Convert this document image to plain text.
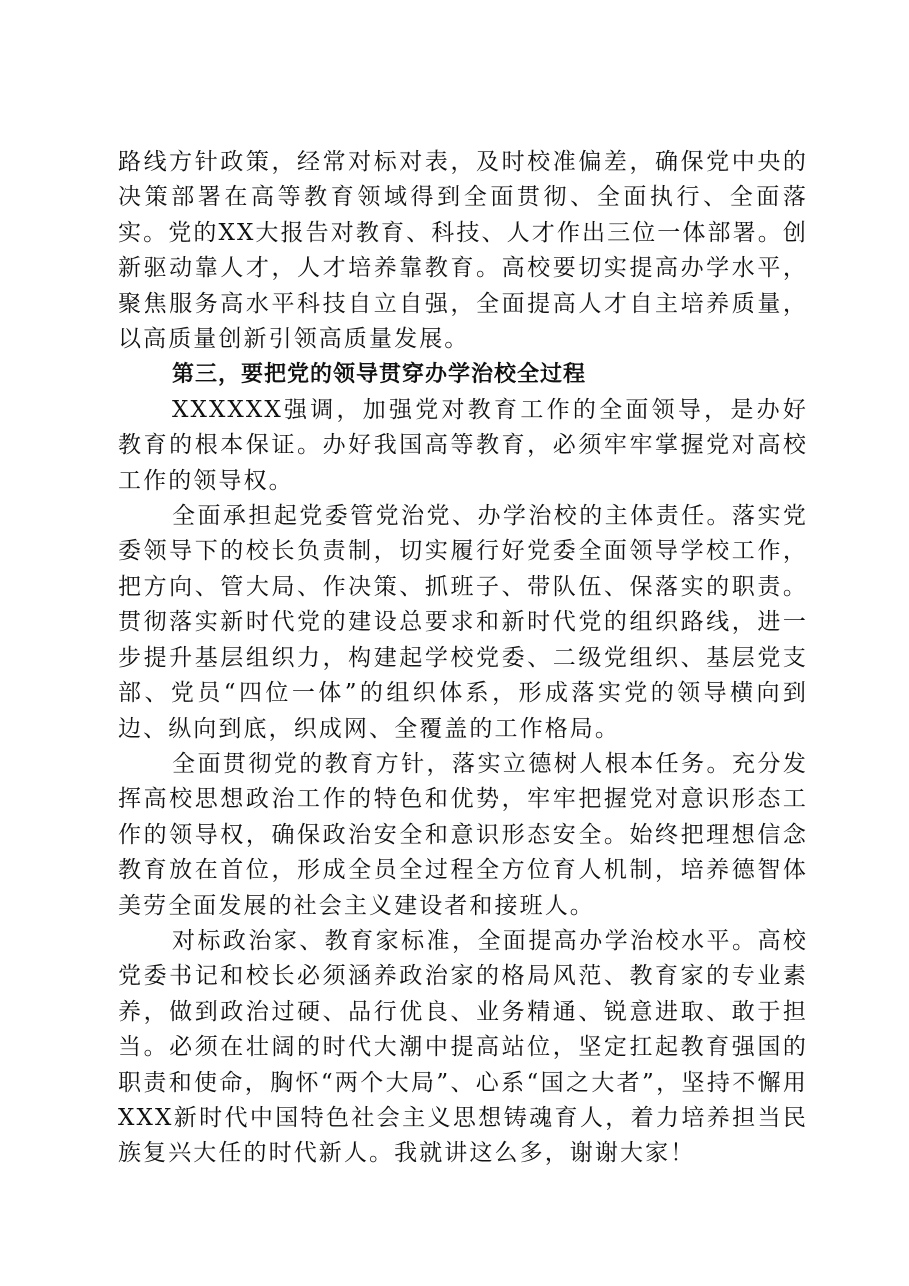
路线方针政策，经常对标对表，及时校准偏差，确保党中央的决策部署在高等教育领域得到全面贯彻、全面执行、全面落实。党的XX大报告对教育、科技、人才作出三位一体部署。创新驱动靠人才，人才培养靠教育。高校要切实提高办学水平，聚焦服务高水平科技自立自强，全面提高人才自主培养质量，以高质量创新引领高质量发展。

第三，要把党的领导贯穿办学治校全过程

XXXXXX强调，加强党对教育工作的全面领导，是办好教育的根本保证。办好我国高等教育，必须牢牢掌握党对高校工作的领导权。

全面承担起党委管党治党、办学治校的主体责任。落实党委领导下的校长负责制，切实履行好党委全面领导学校工作，把方向、管大局、作决策、抓班子、带队伍、保落实的职责。贯彻落实新时代党的建设总要求和新时代党的组织路线，进一步提升基层组织力，构建起学校党委、二级党组织、基层党支部、党员“四位一体”的组织体系，形成落实党的领导横向到边、纵向到底，织成网、全覆盖的工作格局。

全面贯彻党的教育方针，落实立德树人根本任务。充分发挥高校思想政治工作的特色和优势，牢牢把握党对意识形态工作的领导权，确保政治安全和意识形态安全。始终把理想信念教育放在首位，形成全员全过程全方位育人机制，培养德智体美劳全面发展的社会主义建设者和接班人。

对标政治家、教育家标准，全面提高办学治校水平。高校党委书记和校长必须涵养政治家的格局风范、教育家的专业素养，做到政治过硬、品行优良、业务精通、锐意进取、敢于担当。必须在壮阔的时代大潮中提高站位，坚定扛起教育强国的职责和使命，胸怀“两个大局”、心系“国之大者”，坚持不懈用XXX新时代中国特色社会主义思想铸魂育人，着力培养担当民族复兴大任的时代新人。我就讲这么多，谢谢大家！
